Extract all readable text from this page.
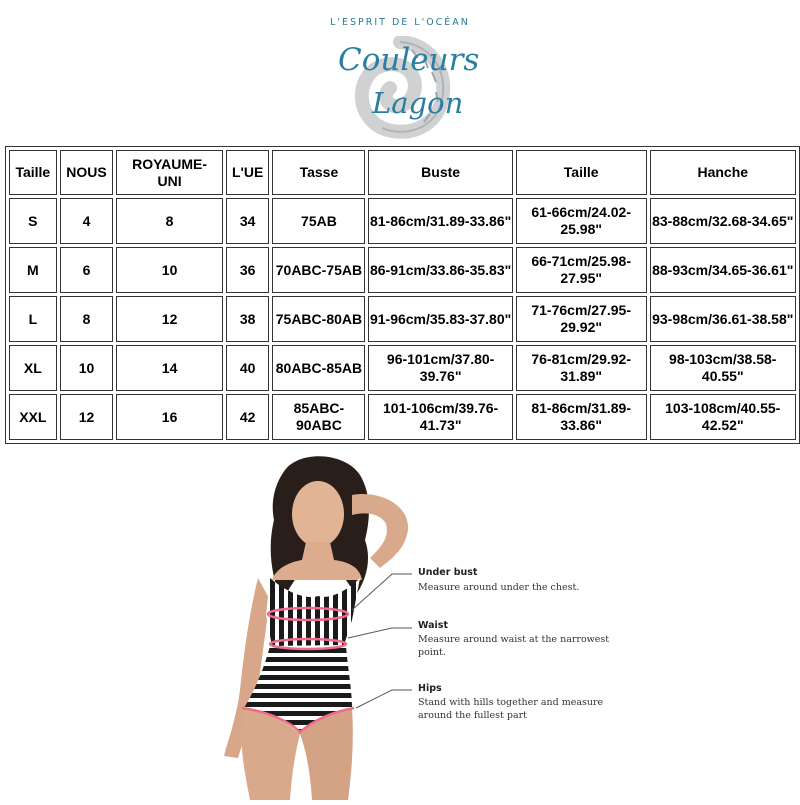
L'ESPRIT DE L'OCÉAN
Couleurs
Lagon
Taille	NOUS	ROYAUME-UNI	L'UE	Tasse	Buste	Taille	Hanche
S	4	8	34	75AB	81-86cm/31.89-33.86"	61-66cm/24.02-25.98"	83-88cm/32.68-34.65"
M	6	10	36	70ABC-75AB	86-91cm/33.86-35.83"	66-71cm/25.98-27.95"	88-93cm/34.65-36.61"
L	8	12	38	75ABC-80AB	91-96cm/35.83-37.80"	71-76cm/27.95-29.92"	93-98cm/36.61-38.58"
XL	10	14	40	80ABC-85AB	96-101cm/37.80-39.76"	76-81cm/29.92-31.89"	98-103cm/38.58-40.55"
XXL	12	16	42	85ABC-90ABC	101-106cm/39.76-41.73"	81-86cm/31.89-33.86"	103-108cm/40.55-42.52"
Under bust
Measure around under the chest.
Waist
Measure around waist at the narrowest point.
Hips
Stand with hills together and measure around the fullest part
